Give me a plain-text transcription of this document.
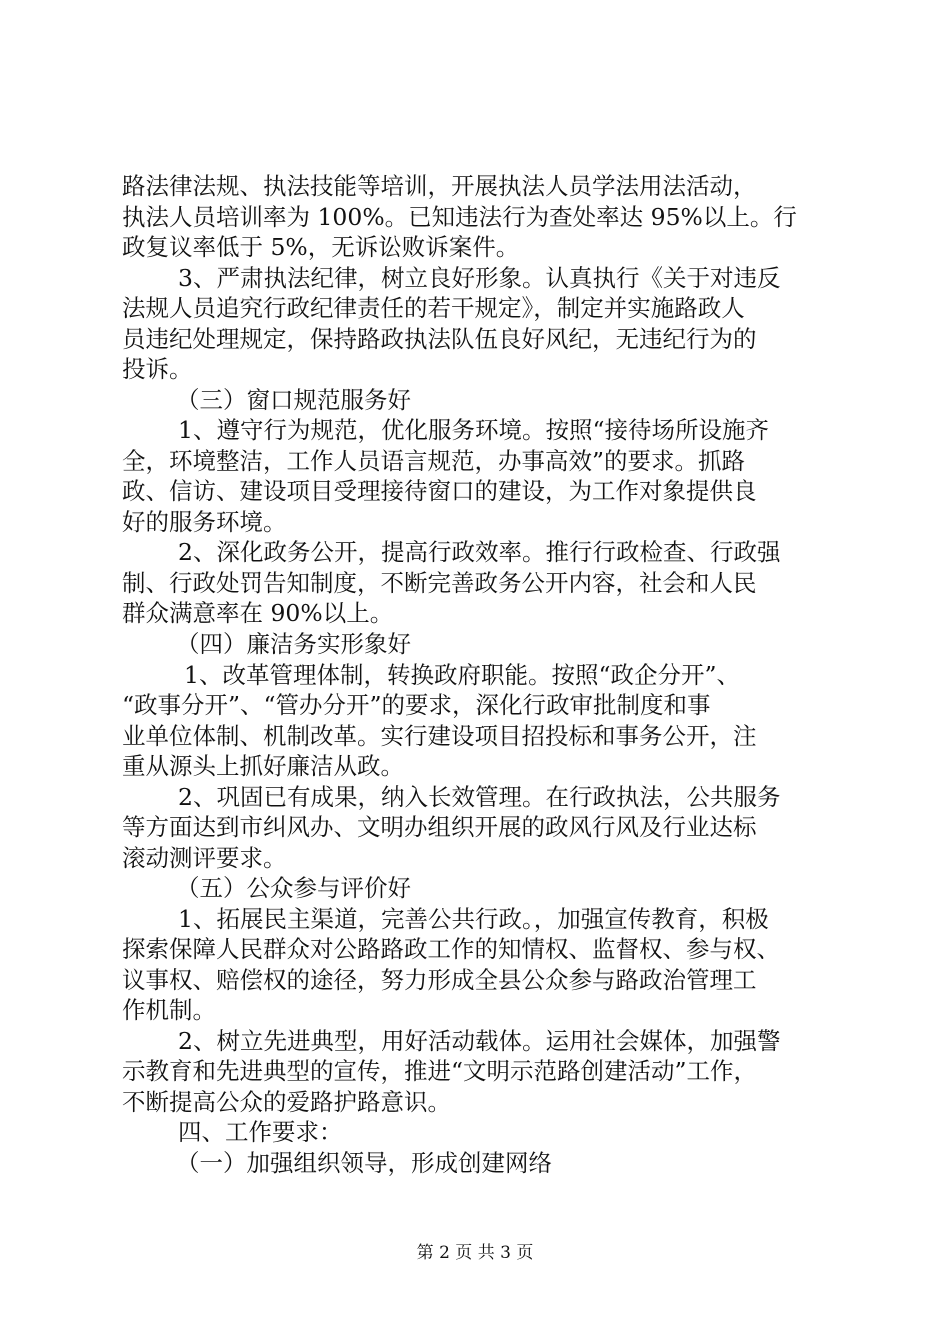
路法律法规、执法技能等培训，开展执法人员学法用法活动，
执法人员培训率为 100%。已知违法行为查处率达 95%以上。行
政复议率低于 5%，无诉讼败诉案件。
3、严肃执法纪律，树立良好形象。认真执行《关于对违反
法规人员追究行政纪律责任的若干规定》，制定并实施路政人
员违纪处理规定，保持路政执法队伍良好风纪，无违纪行为的
投诉。
（三）窗口规范服务好
1、遵守行为规范，优化服务环境。按照“接待场所设施齐
全，环境整洁，工作人员语言规范，办事高效”的要求。抓路
政、信访、建设项目受理接待窗口的建设，为工作对象提供良
好的服务环境。
2、深化政务公开，提高行政效率。推行行政检查、行政强
制、行政处罚告知制度，不断完善政务公开内容，社会和人民
群众满意率在 90%以上。
（四）廉洁务实形象好
1、改革管理体制，转换政府职能。按照“政企分开”、
“政事分开”、“管办分开”的要求，深化行政审批制度和事
业单位体制、机制改革。实行建设项目招投标和事务公开，注
重从源头上抓好廉洁从政。
2、巩固已有成果，纳入长效管理。在行政执法，公共服务
等方面达到市纠风办、文明办组织开展的政风行风及行业达标
滚动测评要求。
（五）公众参与评价好
1、拓展民主渠道，完善公共行政。，加强宣传教育，积极
探索保障人民群众对公路路政工作的知情权、监督权、参与权、
议事权、赔偿权的途径，努力形成全县公众参与路政治管理工
作机制。
2、树立先进典型，用好活动载体。运用社会媒体，加强警
示教育和先进典型的宣传，推进“文明示范路创建活动”工作，
不断提高公众的爱路护路意识。
四、工作要求：
（一）加强组织领导，形成创建网络
第 2 页 共 3 页
